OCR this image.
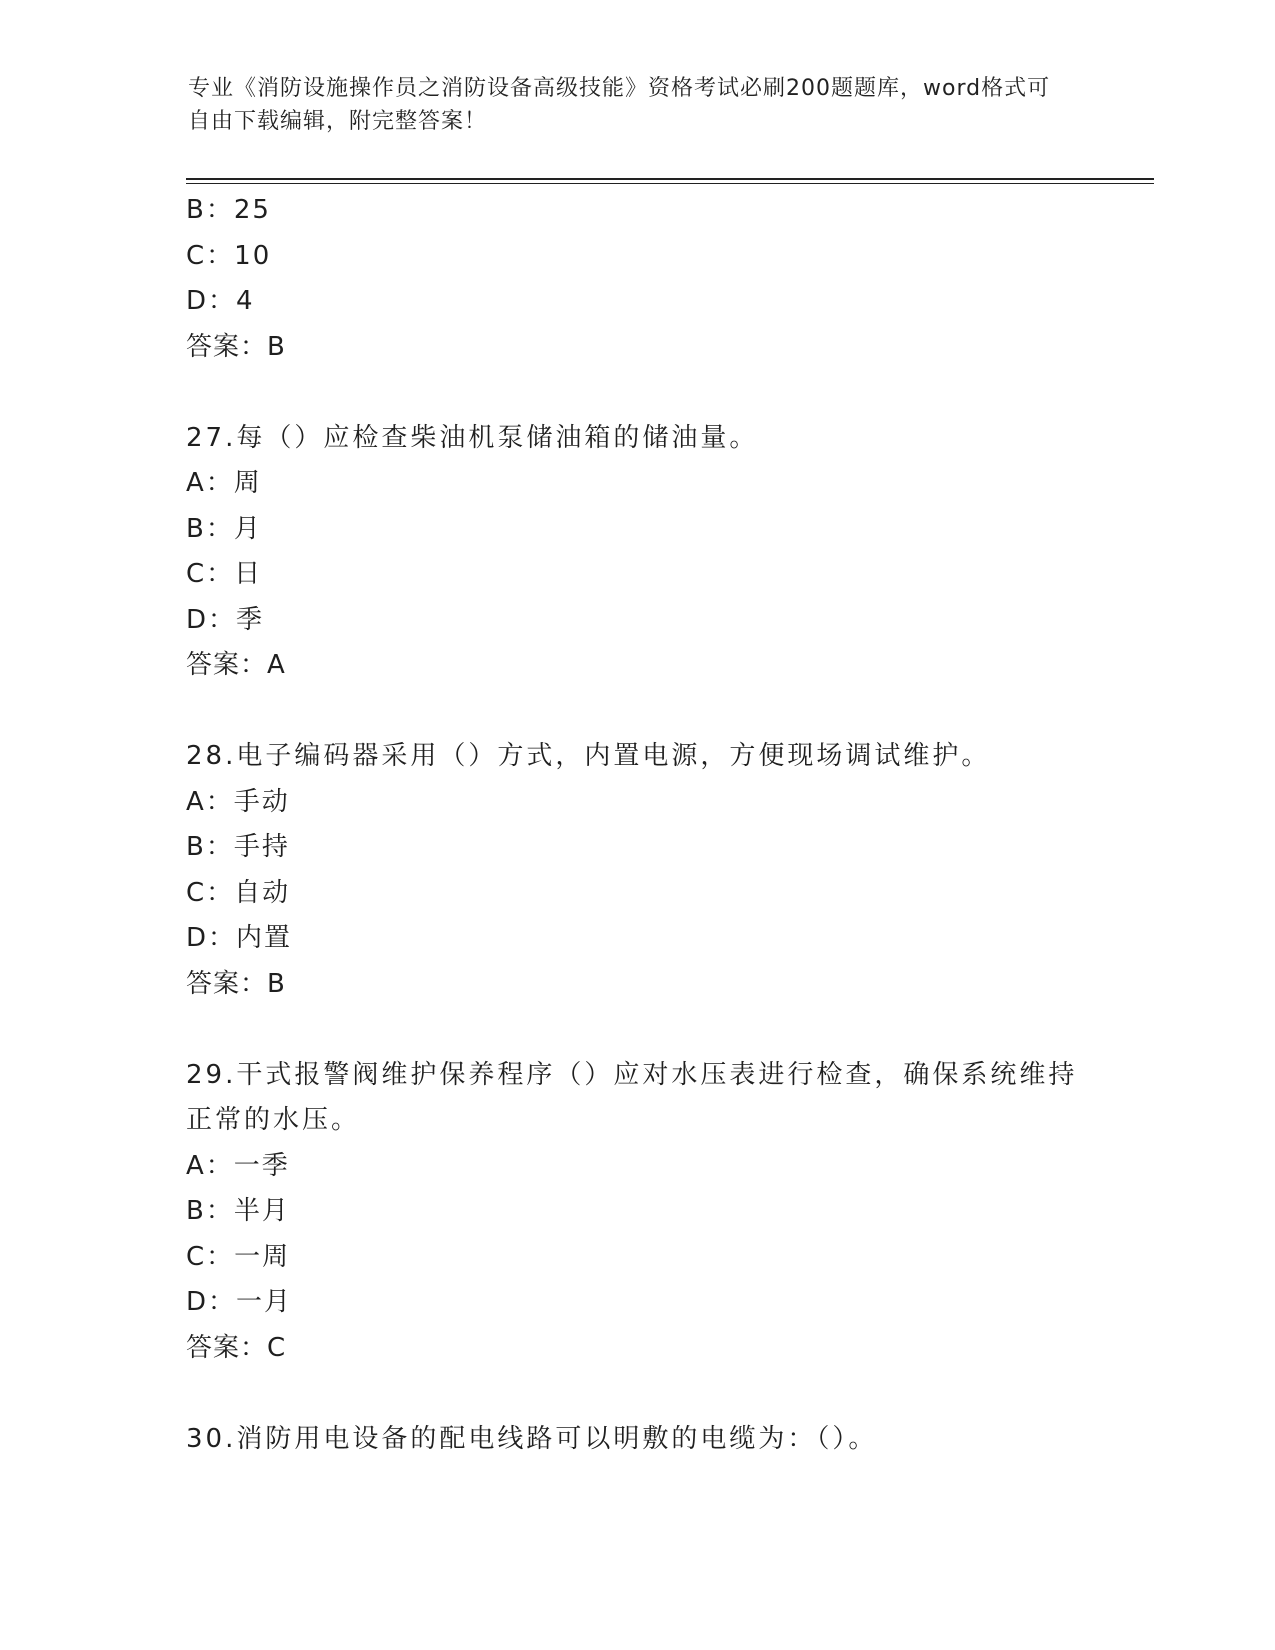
专业《消防设施操作员之消防设备高级技能》资格考试必刷200题题库，word格式可自由下载编辑，附完整答案！
B：25
C：10
D：4
答案：B
27.每（）应检查柴油机泵储油箱的储油量。
A：周
B：月
C：日
D：季
答案：A
28.电子编码器采用（）方式，内置电源，方便现场调试维护。
A：手动
B：手持
C：自动
D：内置
答案：B
29.干式报警阀维护保养程序（）应对水压表进行检查，确保系统维持正常的水压。
A：一季
B：半月
C：一周
D：一月
答案：C
30.消防用电设备的配电线路可以明敷的电缆为：（）。
